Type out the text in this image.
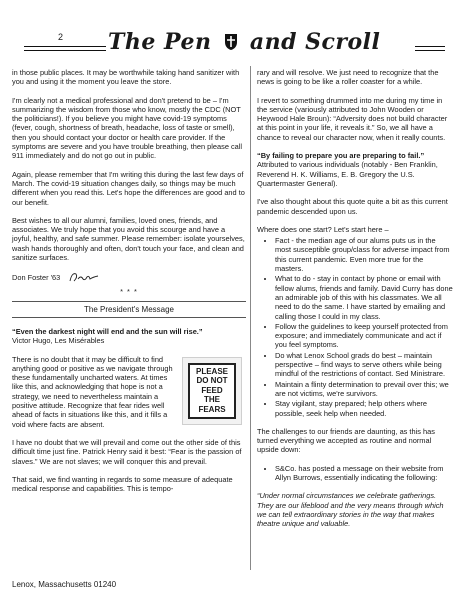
2 The Pen and Scroll

in those public places. It may be worthwhile taking hand sanitizer with you and using it the moment you leave the store.

I'm clearly not a medical professional and don't pretend to be – I'm summarizing the wisdom from those who know, mostly the CDC (NOT the politicians!). If you believe you might have covid-19 symptoms (fever, cough, shortness of breath, headache, loss of taste or smell), then you should contact your doctor or health care provider. If the symptoms are severe and you have trouble breathing, then please call 911 immediately and do not go out in public.

Again, please remember that I'm writing this during the last few days of March. The covid-19 situation changes daily, so things may be much different when you read this. Let's hope the differences are good and to our benefit.

Best wishes to all our alumni, families, loved ones, friends, and associates. We truly hope that you avoid this scourge and have a joyful, healthy, and safe summer. Please remember: isolate yourselves, wash hands thoroughly and often, don't touch your face, and clean and sanitize surfaces.

Don Foster '63
* * *
The President's Message
“Even the darkest night will end and the sun will rise.”
Victor Hugo, Les Misérables
PLEASE
DO NOT
FEED
THE
FEARS

There is no doubt that it may be difficult to find anything good or positive as we navigate through these fundamentally uncharted waters. At times like this, and acknowledging that hope is not a strategy, we need to nevertheless maintain a positive attitude. Recognize that fear rides well ahead of facts in situations like this, and it fills a void where facts are absent.

I have no doubt that we will prevail and come out the other side of this difficult time just fine. Patrick Henry said it best: “Fear is the passion of slaves.” We are not slaves; we will conquer this and prevail.

That said, we find wanting in regards to some measure of adequate medical response and capabilities. This is tempo-

rary and will resolve. We just need to recognize that the news is going to be like a roller coaster for a while.

I revert to something drummed into me during my time in the service (variously attributed to John Wooden or Heywood Hale Broun): “Adversity does not build character at this point in your life, it reveals it.” So, we all have a chance to reveal our character now, when it really counts.

“By failing to prepare you are preparing to fail.”
Attributed to various individuals (notably - Ben Franklin, Reverend H. K. Williams, E. B. Gregory the U.S. Quartermaster General).

I've also thought about this quote quite a bit as this current pandemic descended upon us.

Where does one start? Let's start here –

• Fact - the median age of our alums puts us in the most susceptible group/class for adverse impact from this current pandemic. Even more true for the masters.
• What to do - stay in contact by phone or email with fellow alums, friends and family. David Curry has done an admirable job of this with his classmates. We all need to do the same. I have started by emailing and calling those I could in my class.
• Follow the guidelines to keep yourself protected from exposure; and immediately communicate and act if you feel symptoms.
• Do what Lenox School grads do best – maintain perspective – find ways to serve others while being mindful of the restrictions of contact. Sed Ministrare.
• Maintain a flinty determination to prevail over this; we are not victims, we're survivors.
• Stay vigilant, stay prepared; help others where possible, seek help when needed.

The challenges to our friends are daunting, as this has turned everything we accepted as routine and normal upside down:

• S&Co. has posted a message on their website from Allyn Burrows, essentially indicating the following:

“Under normal circumstances we celebrate gatherings. They are our lifeblood and the very means through which we can tell extraordinary stories in the way that makes theatre unique and valuable.

Lenox, Massachusetts 01240
